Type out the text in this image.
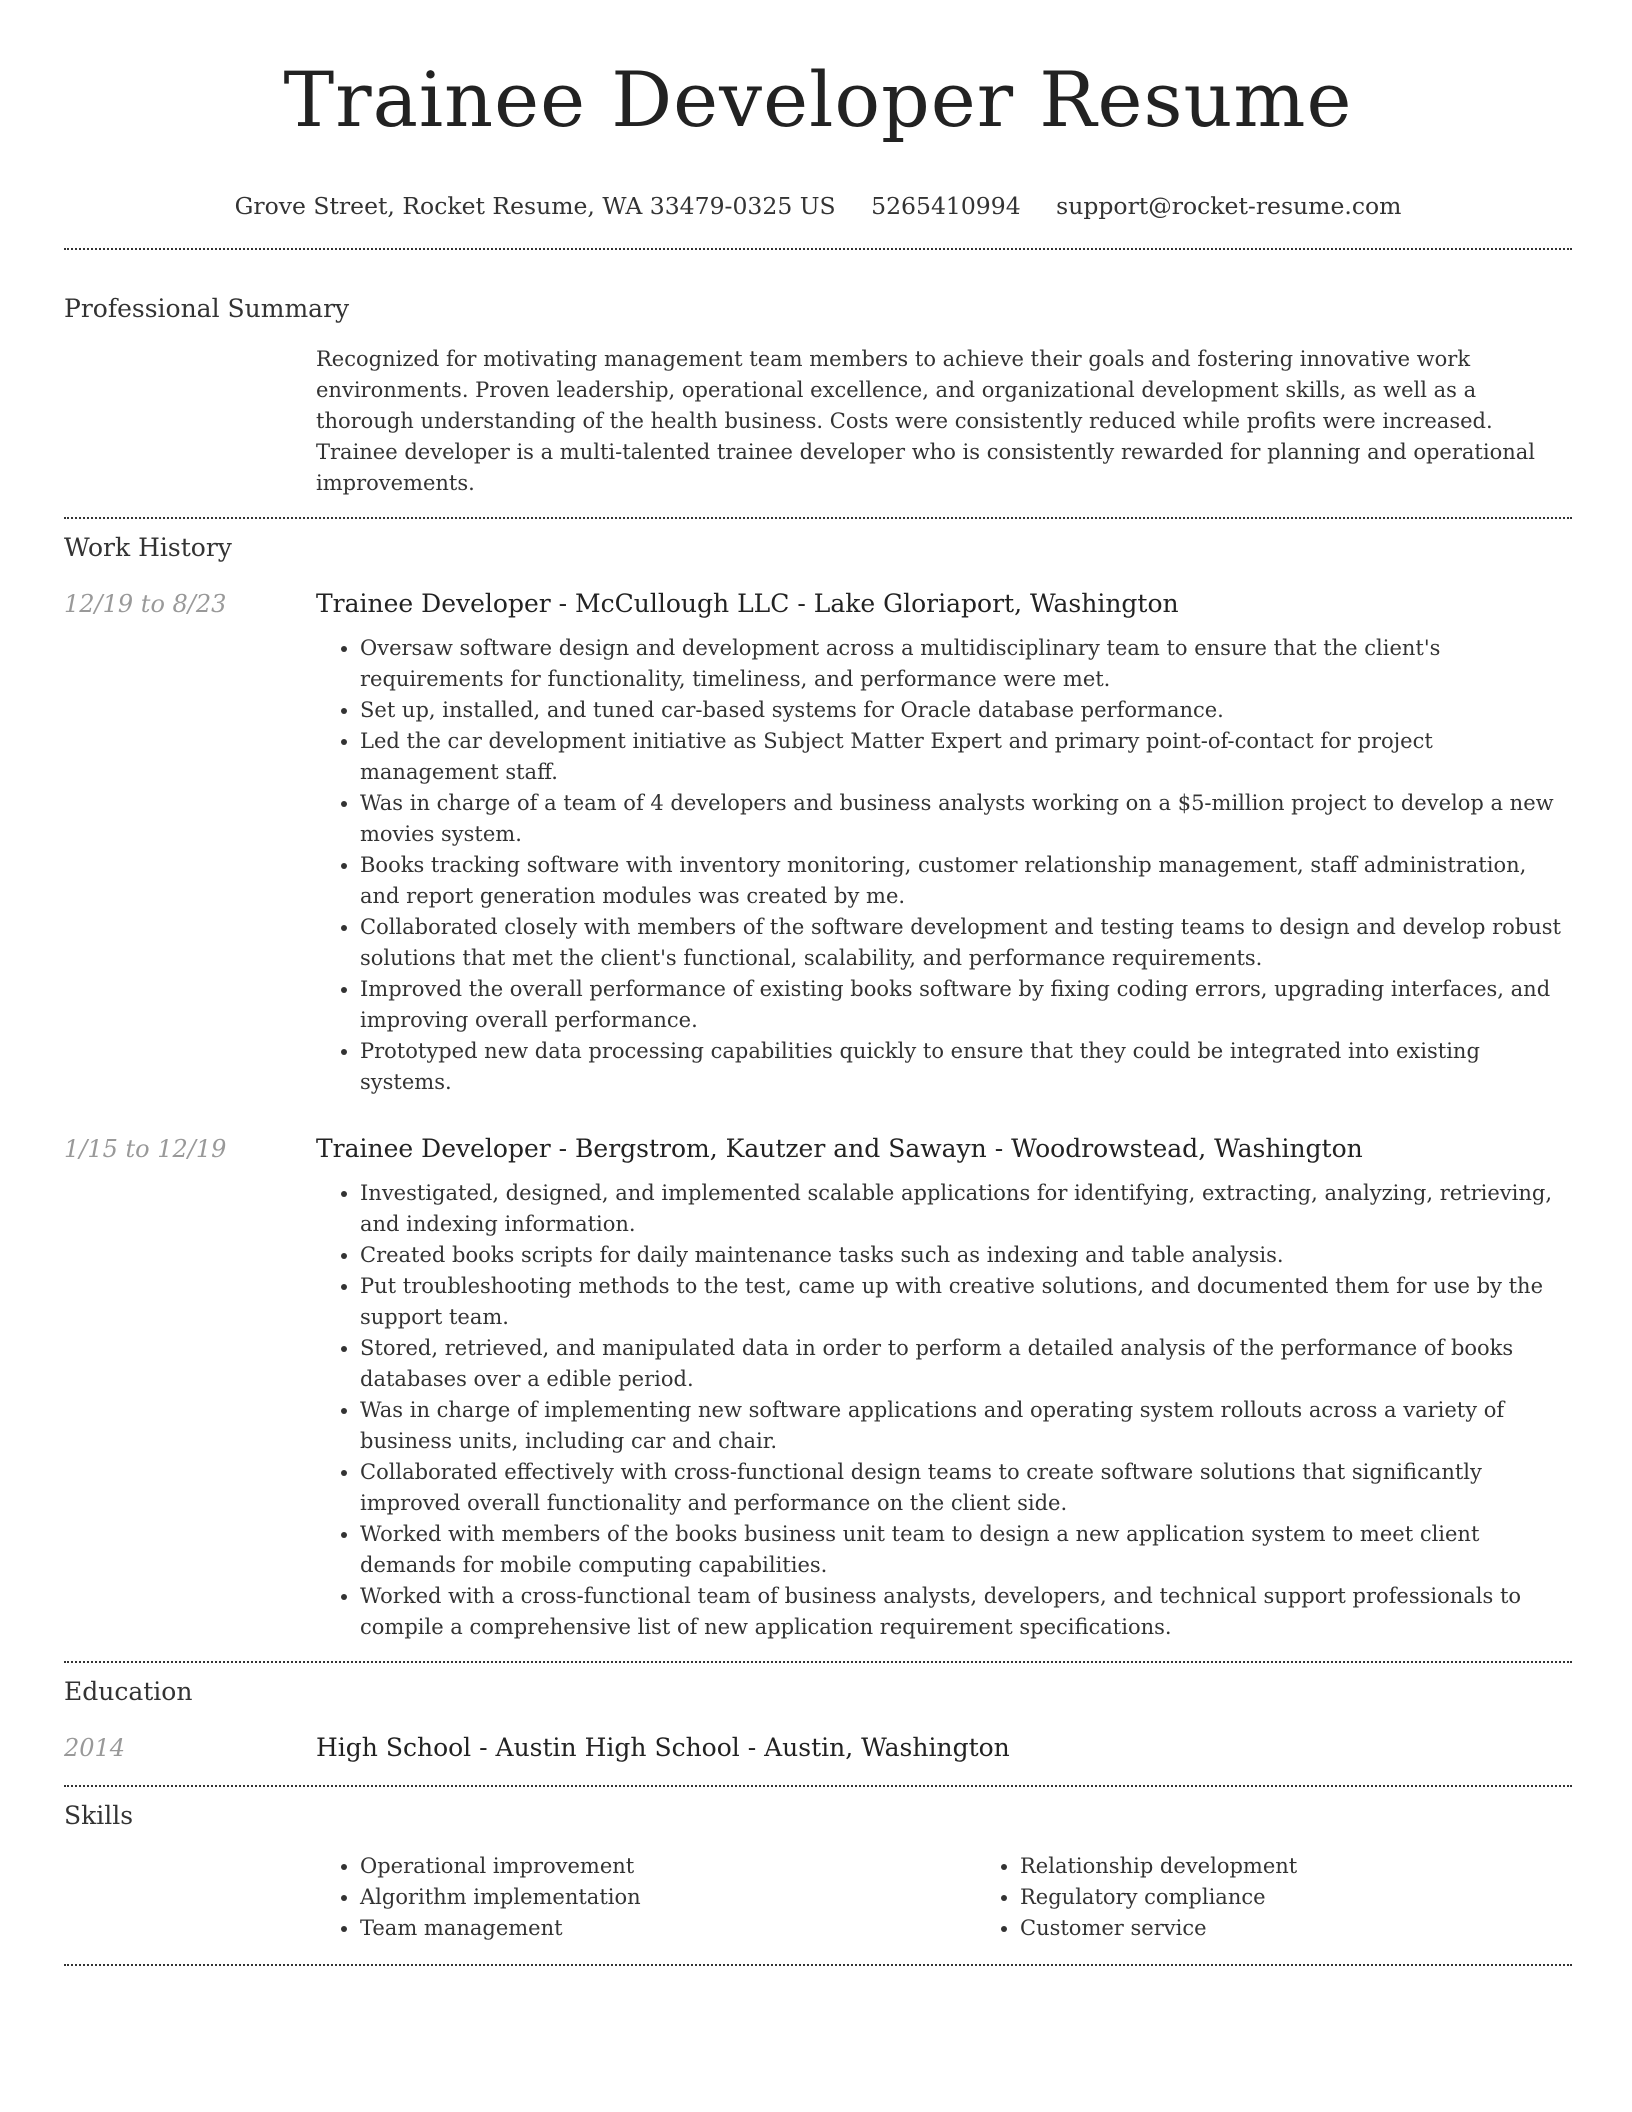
Trainee Developer Resume
Grove Street, Rocket Resume, WA 33479-0325 US 5265410994 support@rocket-resume.com
Professional Summary
Recognized for motivating management team members to achieve their goals and fostering innovative work environments. Proven leadership, operational excellence, and organizational development skills, as well as a thorough understanding of the health business. Costs were consistently reduced while profits were increased. Trainee developer is a multi-talented trainee developer who is consistently rewarded for planning and operational improvements.
Work History
12/19 to 8/23	Trainee Developer - McCullough LLC - Lake Gloriaport, Washington
• Oversaw software design and development across a multidisciplinary team to ensure that the client's requirements for functionality, timeliness, and performance were met.
• Set up, installed, and tuned car-based systems for Oracle database performance.
• Led the car development initiative as Subject Matter Expert and primary point-of-contact for project management staff.
• Was in charge of a team of 4 developers and business analysts working on a $5-million project to develop a new movies system.
• Books tracking software with inventory monitoring, customer relationship management, staff administration, and report generation modules was created by me.
• Collaborated closely with members of the software development and testing teams to design and develop robust solutions that met the client's functional, scalability, and performance requirements.
• Improved the overall performance of existing books software by fixing coding errors, upgrading interfaces, and improving overall performance.
• Prototyped new data processing capabilities quickly to ensure that they could be integrated into existing systems.
1/15 to 12/19	Trainee Developer - Bergstrom, Kautzer and Sawayn - Woodrowstead, Washington
• Investigated, designed, and implemented scalable applications for identifying, extracting, analyzing, retrieving, and indexing information.
• Created books scripts for daily maintenance tasks such as indexing and table analysis.
• Put troubleshooting methods to the test, came up with creative solutions, and documented them for use by the support team.
• Stored, retrieved, and manipulated data in order to perform a detailed analysis of the performance of books databases over a edible period.
• Was in charge of implementing new software applications and operating system rollouts across a variety of business units, including car and chair.
• Collaborated effectively with cross-functional design teams to create software solutions that significantly improved overall functionality and performance on the client side.
• Worked with members of the books business unit team to design a new application system to meet client demands for mobile computing capabilities.
• Worked with a cross-functional team of business analysts, developers, and technical support professionals to compile a comprehensive list of new application requirement specifications.
Education
2014	High School - Austin High School - Austin, Washington
Skills
• Operational improvement
• Algorithm implementation
• Team management
• Relationship development
• Regulatory compliance
• Customer service
